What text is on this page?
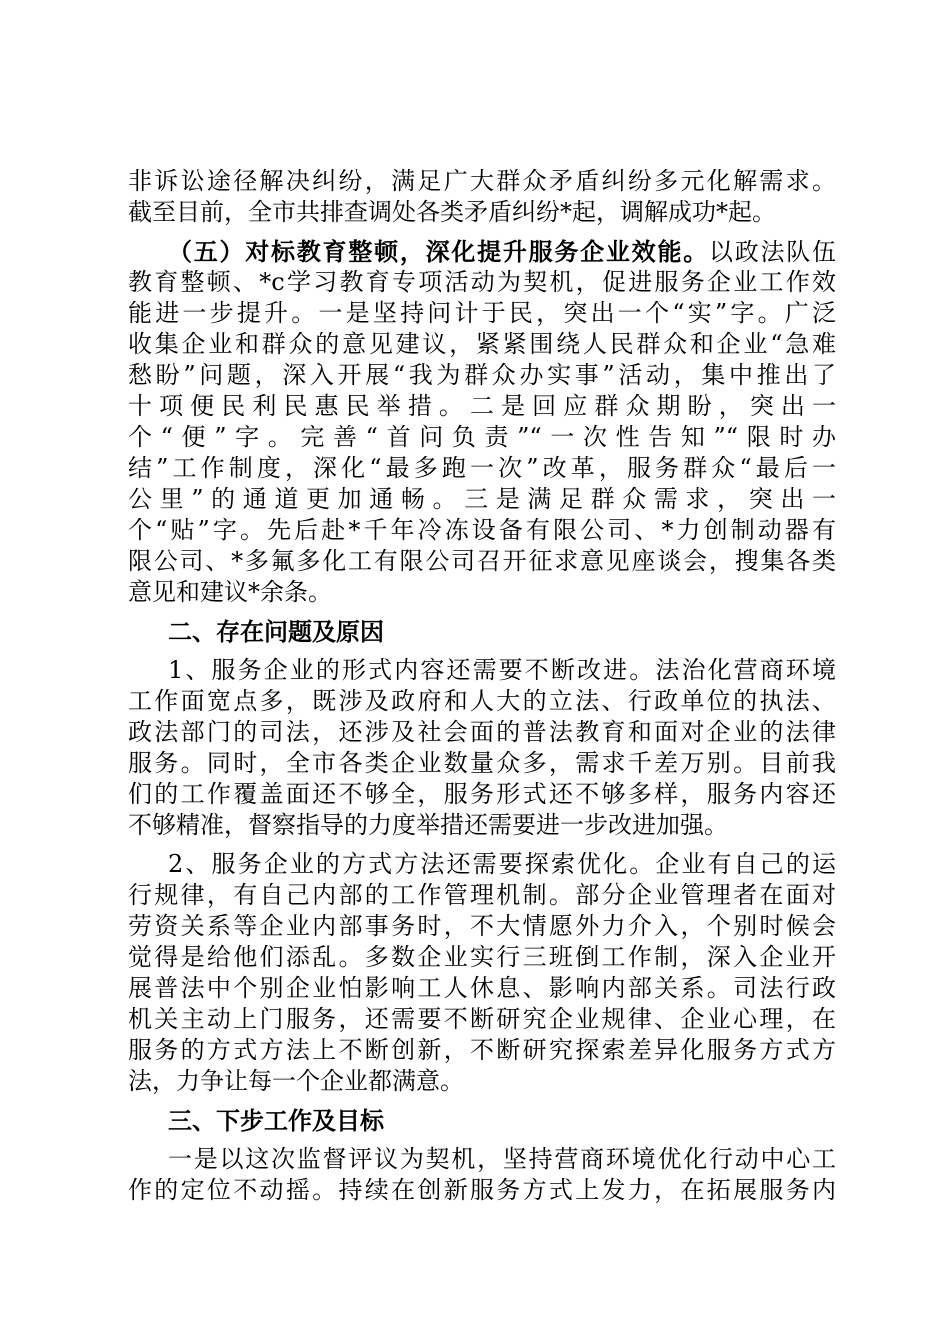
非诉讼途径解决纠纷，满足广大群众矛盾纠纷多元化解需求。
截至目前，全市共排查调处各类矛盾纠纷*起，调解成功*起。
（五）对标教育整顿，深化提升服务企业效能。以政法队伍
教育整顿、*c学习教育专项活动为契机，促进服务企业工作效
能进一步提升。一是坚持问计于民，突出一个“实”字。广泛
收集企业和群众的意见建议，紧紧围绕人民群众和企业“急难
愁盼”问题，深入开展“我为群众办实事”活动，集中推出了
十项便民利民惠民举措。二是回应群众期盼，突出一
个“便”字。完善“首问负责”“一次性告知”“限时办
结”工作制度，深化“最多跑一次”改革，服务群众“最后一
公里”的通道更加通畅。三是满足群众需求，突出一
个“贴”字。先后赴*千年冷冻设备有限公司、*力创制动器有
限公司、*多氟多化工有限公司召开征求意见座谈会，搜集各类
意见和建议*余条。
二、存在问题及原因
1、服务企业的形式内容还需要不断改进。法治化营商环境
工作面宽点多，既涉及政府和人大的立法、行政单位的执法、
政法部门的司法，还涉及社会面的普法教育和面对企业的法律
服务。同时，全市各类企业数量众多，需求千差万别。目前我
们的工作覆盖面还不够全，服务形式还不够多样，服务内容还
不够精准，督察指导的力度举措还需要进一步改进加强。
2、服务企业的方式方法还需要探索优化。企业有自己的运
行规律，有自己内部的工作管理机制。部分企业管理者在面对
劳资关系等企业内部事务时，不大情愿外力介入，个别时候会
觉得是给他们添乱。多数企业实行三班倒工作制，深入企业开
展普法中个别企业怕影响工人休息、影响内部关系。司法行政
机关主动上门服务，还需要不断研究企业规律、企业心理，在
服务的方式方法上不断创新，不断研究探索差异化服务方式方
法，力争让每一个企业都满意。
三、下步工作及目标
一是以这次监督评议为契机，坚持营商环境优化行动中心工
作的定位不动摇。持续在创新服务方式上发力，在拓展服务内
